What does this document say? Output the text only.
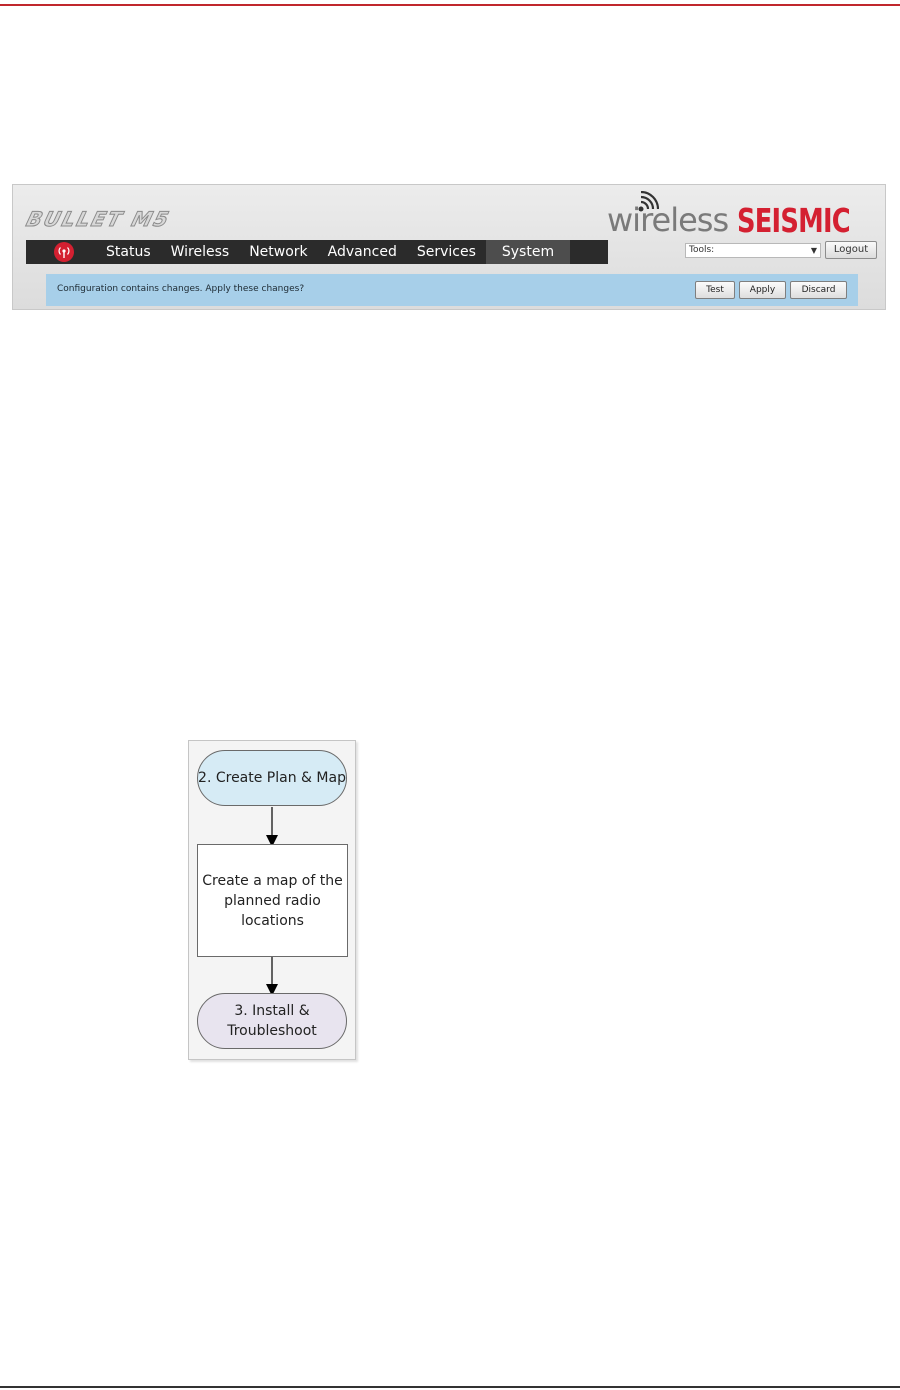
BULLET M5	wireless SEISMIC
Status	Wireless	Network	Advanced	Services	System	Tools:	▼	Logout
Configuration contains changes. Apply these changes?	Test	Apply	Discard
2. Create Plan & Map
Create a map of the planned radio locations
3. Install & Troubleshoot
